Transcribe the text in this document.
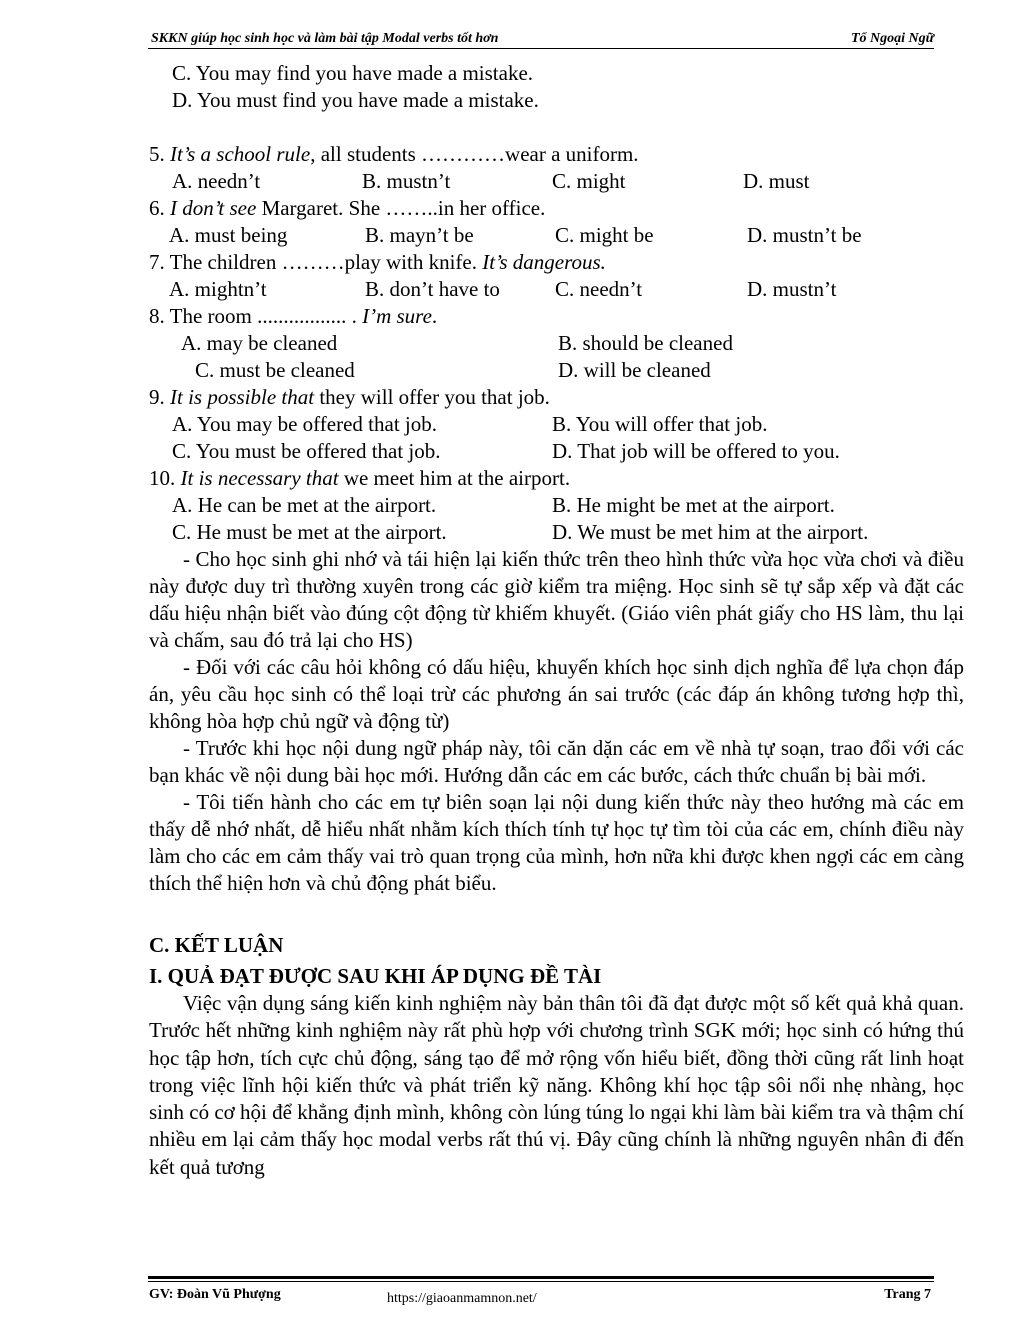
SKKN giúp học sinh học và làm bài tập Modal verbs tốt hơn	Tổ Ngoại Ngữ
C. You may find you have made a mistake.
D. You must find you have made a mistake.
5. It’s a school rule, all students …………wear a uniform.
A. needn’t	B. mustn’t	C. might	D. must
6. I don’t see Margaret. She ……..in her office.
A. must being	B. mayn’t be	C. might be	D. mustn’t be
7. The children ………play with knife. It’s dangerous.
A. mightn’t	B. don’t have to	C. needn’t	D. mustn’t
8. The room ................. . I’m sure.
A. may be cleaned	B. should be cleaned
C. must be cleaned	D. will be cleaned
9. It is possible that they will offer you that job.
A. You may be offered that job.	B. You will offer that job.
C. You must be offered that job.	D. That job will be offered to you.
10. It is necessary that we meet him at the airport.
A. He can be met at the airport.	B. He might be met at the airport.
C. He must be met at the airport.	D. We must be met him at the airport.

- Cho học sinh ghi nhớ và tái hiện lại kiến thức trên theo hình thức vừa học vừa chơi và điều này được duy trì thường xuyên trong các giờ kiểm tra miệng. Học sinh sẽ tự sắp xếp và đặt các dấu hiệu nhận biết vào đúng cột động từ khiếm khuyết. (Giáo viên phát giấy cho HS làm, thu lại và chấm, sau đó trả lại cho HS)

- Đối với các câu hỏi không có dấu hiệu, khuyến khích học sinh dịch nghĩa để lựa chọn đáp án, yêu cầu học sinh có thể loại trừ các phương án sai trước (các đáp án không tương hợp thì, không hòa hợp chủ ngữ và động từ)

- Trước khi học nội dung ngữ pháp này, tôi căn dặn các em về nhà tự soạn, trao đổi với các bạn khác về nội dung bài học mới. Hướng dẫn các em các bước, cách thức chuẩn bị bài mới.

- Tôi tiến hành cho các em tự biên soạn lại nội dung kiến thức này theo hướng mà các em thấy dễ nhớ nhất, dễ hiểu nhất nhằm kích thích tính tự học tự tìm tòi của các em, chính điều này làm cho các em cảm thấy vai trò quan trọng của mình, hơn nữa khi được khen ngợi các em càng thích thể hiện hơn và chủ động phát biểu.

C. KẾT LUẬN
I. QUẢ ĐẠT ĐƯỢC SAU KHI ÁP DỤNG ĐỀ TÀI

Việc vận dụng sáng kiến kinh nghiệm này bản thân tôi đã đạt được một số kết quả khả quan. Trước hết những kinh nghiệm này rất phù hợp với chương trình SGK mới; học sinh có hứng thú học tập hơn, tích cực chủ động, sáng tạo để mở rộng vốn hiểu biết, đồng thời cũng rất linh hoạt trong việc lĩnh hội kiến thức và phát triển kỹ năng. Không khí học tập sôi nổi nhẹ nhàng, học sinh có cơ hội để khẳng định mình, không còn lúng túng lo ngại khi làm bài kiểm tra và thậm chí nhiều em lại cảm thấy học modal verbs rất thú vị. Đây cũng chính là những nguyên nhân đi đến kết quả tương

GV: Đoàn Vũ Phượng	https://giaoanmamnon.net/	Trang 7
